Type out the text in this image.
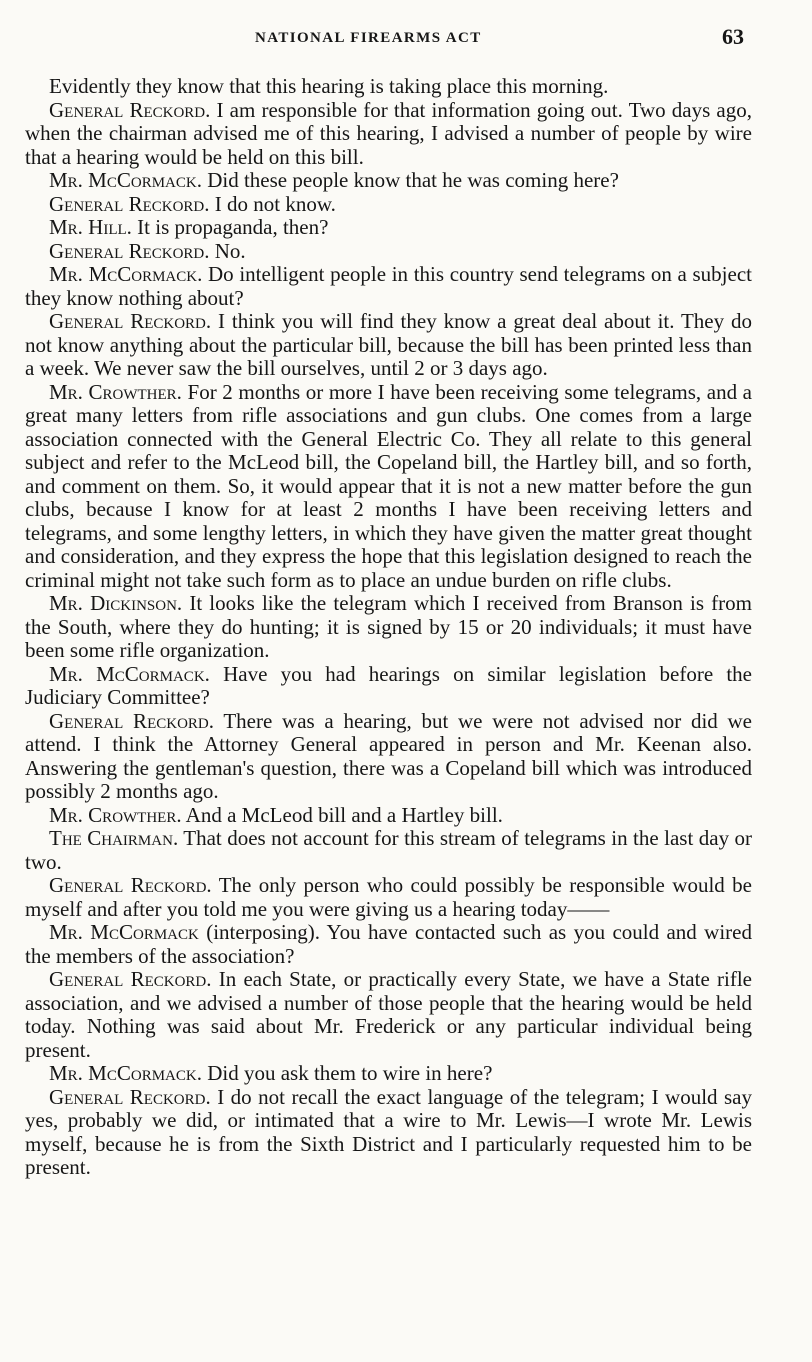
NATIONAL FIREARMS ACT	63

Evidently they know that this hearing is taking place this morning.

General Reckord. I am responsible for that information going out. Two days ago, when the chairman advised me of this hearing, I advised a number of people by wire that a hearing would be held on this bill.

Mr. McCormack. Did these people know that he was coming here?

General Reckord. I do not know.

Mr. Hill. It is propaganda, then?

General Reckord. No.

Mr. McCormack. Do intelligent people in this country send telegrams on a subject they know nothing about?

General Reckord. I think you will find they know a great deal about it. They do not know anything about the particular bill, because the bill has been printed less than a week. We never saw the bill ourselves, until 2 or 3 days ago.

Mr. Crowther. For 2 months or more I have been receiving some telegrams, and a great many letters from rifle associations and gun clubs. One comes from a large association connected with the General Electric Co. They all relate to this general subject and refer to the McLeod bill, the Copeland bill, the Hartley bill, and so forth, and comment on them. So, it would appear that it is not a new matter before the gun clubs, because I know for at least 2 months I have been receiving letters and telegrams, and some lengthy letters, in which they have given the matter great thought and consideration, and they express the hope that this legislation designed to reach the criminal might not take such form as to place an undue burden on rifle clubs.

Mr. Dickinson. It looks like the telegram which I received from Branson is from the South, where they do hunting; it is signed by 15 or 20 individuals; it must have been some rifle organization.

Mr. McCormack. Have you had hearings on similar legislation before the Judiciary Committee?

General Reckord. There was a hearing, but we were not advised nor did we attend. I think the Attorney General appeared in person and Mr. Keenan also. Answering the gentleman's question, there was a Copeland bill which was introduced possibly 2 months ago.

Mr. Crowther. And a McLeod bill and a Hartley bill.

The Chairman. That does not account for this stream of telegrams in the last day or two.

General Reckord. The only person who could possibly be responsible would be myself and after you told me you were giving us a hearing today——

Mr. McCormack (interposing). You have contacted such as you could and wired the members of the association?

General Reckord. In each State, or practically every State, we have a State rifle association, and we advised a number of those people that the hearing would be held today. Nothing was said about Mr. Frederick or any particular individual being present.

Mr. McCormack. Did you ask them to wire in here?

General Reckord. I do not recall the exact language of the telegram; I would say yes, probably we did, or intimated that a wire to Mr. Lewis—I wrote Mr. Lewis myself, because he is from the Sixth District and I particularly requested him to be present.
